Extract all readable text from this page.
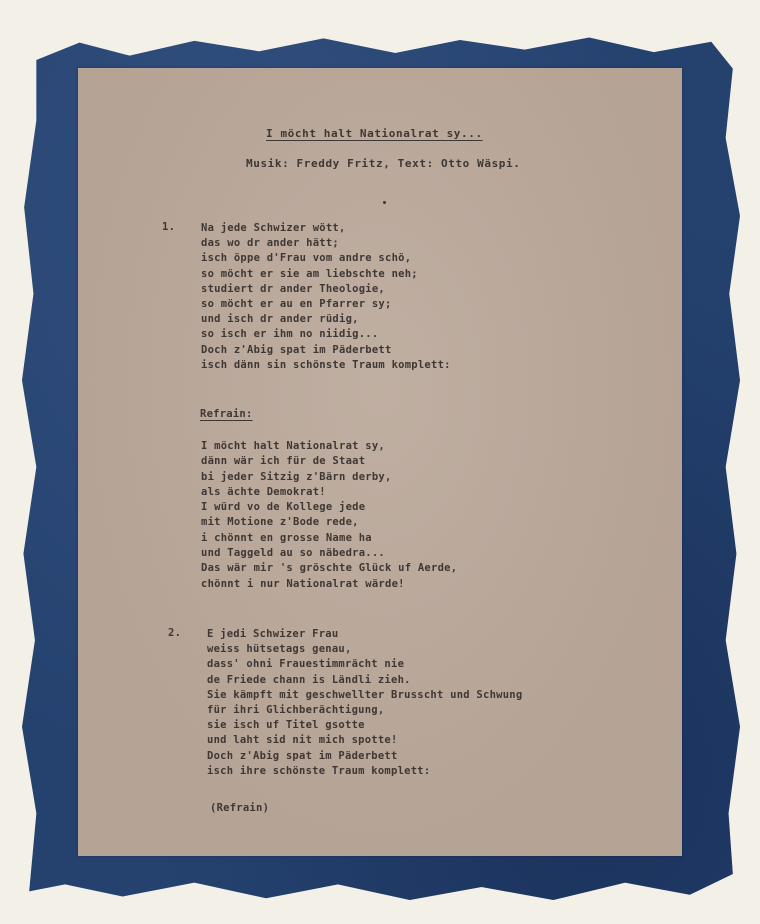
I möcht halt Nationalrat sy...
Musik: Freddy Fritz, Text: Otto Wäspi.
1. Na jede Schwizer wött,
das wo dr ander hätt;
isch öppe d'Frau vom andre schö,
so möcht er sie am liebschte neh;
studiert dr ander Theologie,
so möcht er au en Pfarrer sy;
und isch dr ander rüdig,
so isch er ihm no niidig...
Doch z'Abig spat im Päderbett
isch dänn sin schönste Traum komplett:
Refrain:
I möcht halt Nationalrat sy,
dänn wär ich für de Staat
bi jeder Sitzig z'Bärn derby,
als ächte Demokrat!
I würd vo de Kollege jede
mit Motione z'Bode rede,
i chönnt en grosse Name ha
und Taggeld au so näbedra...
Das wär mir 's gröschte Glück uf Aerde,
chönnt i nur Nationalrat wärde!
2. E jedi Schwizer Frau
weiss hütsetags genau,
dass' ohni Frauestimmrächt nie
de Friede chann is Ländli zieh.
Sie kämpft mit geschwellter Brusscht und Schwung
für ihri Glichberächtigung,
sie isch uf Titel gsotte
und laht sid nit mich spotte!
Doch z'Abig spat im Päderbett
isch ihre schönste Traum komplett:
(Refrain)
